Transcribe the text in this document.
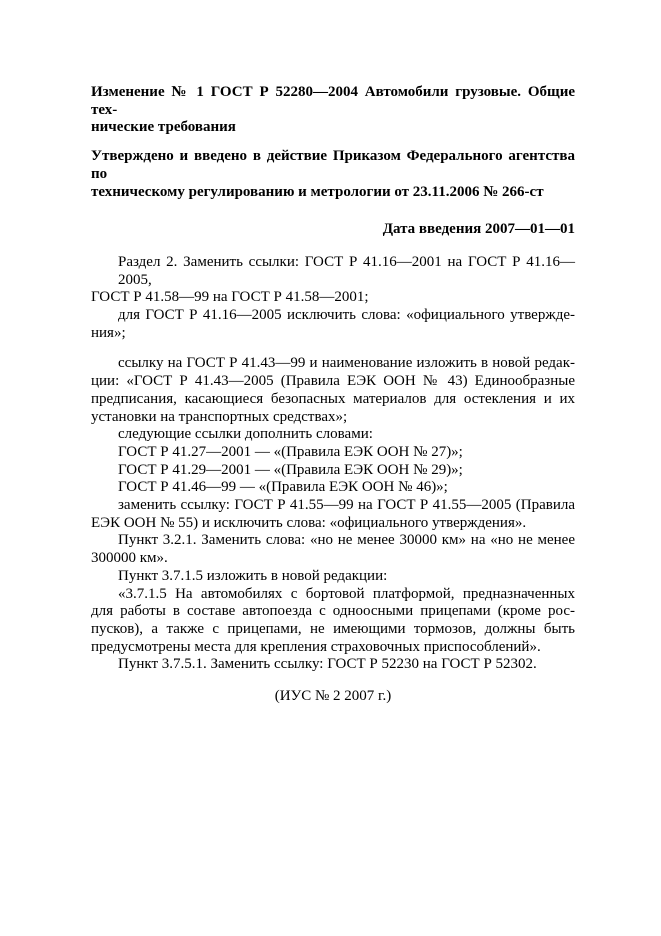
Изменение № 1 ГОСТ Р 52280—2004 Автомобили грузовые. Общие тех-
нические требования
Утверждено и введено в действие Приказом Федерального агентства по
техническому регулированию и метрологии от 23.11.2006 № 266-ст
Дата введения 2007—01—01
Раздел 2. Заменить ссылки: ГОСТ Р 41.16—2001 на ГОСТ Р 41.16—2005,
ГОСТ Р 41.58—99 на ГОСТ Р 41.58—2001;
для ГОСТ Р 41.16—2005 исключить слова: «официального утвержде-
ния»;
ссылку на ГОСТ Р 41.43—99 и наименование изложить в новой редак-
ции: «ГОСТ Р 41.43—2005 (Правила ЕЭК ООН № 43) Единообразные
предписания, касающиеся безопасных материалов для остекления и их
установки на транспортных средствах»;
следующие ссылки дополнить словами:
ГОСТ Р 41.27—2001 — «(Правила ЕЭК ООН № 27)»;
ГОСТ Р 41.29—2001 — «(Правила ЕЭК ООН № 29)»;
ГОСТ Р 41.46—99 — «(Правила ЕЭК ООН № 46)»;
заменить ссылку: ГОСТ Р 41.55—99 на ГОСТ Р 41.55—2005 (Правила
ЕЭК ООН № 55) и исключить слова: «официального утверждения».
Пункт 3.2.1. Заменить слова: «но не менее 30000 км» на «но не менее
300000 км».
Пункт 3.7.1.5 изложить в новой редакции:
«3.7.1.5 На автомобилях с бортовой платформой, предназначенных
для работы в составе автопоезда с одноосными прицепами (кроме рос-
пусков), а также с прицепами, не имеющими тормозов, должны быть
предусмотрены места для крепления страховочных приспособлений».
Пункт 3.7.5.1. Заменить ссылку: ГОСТ Р 52230 на ГОСТ Р 52302.
(ИУС № 2 2007 г.)
